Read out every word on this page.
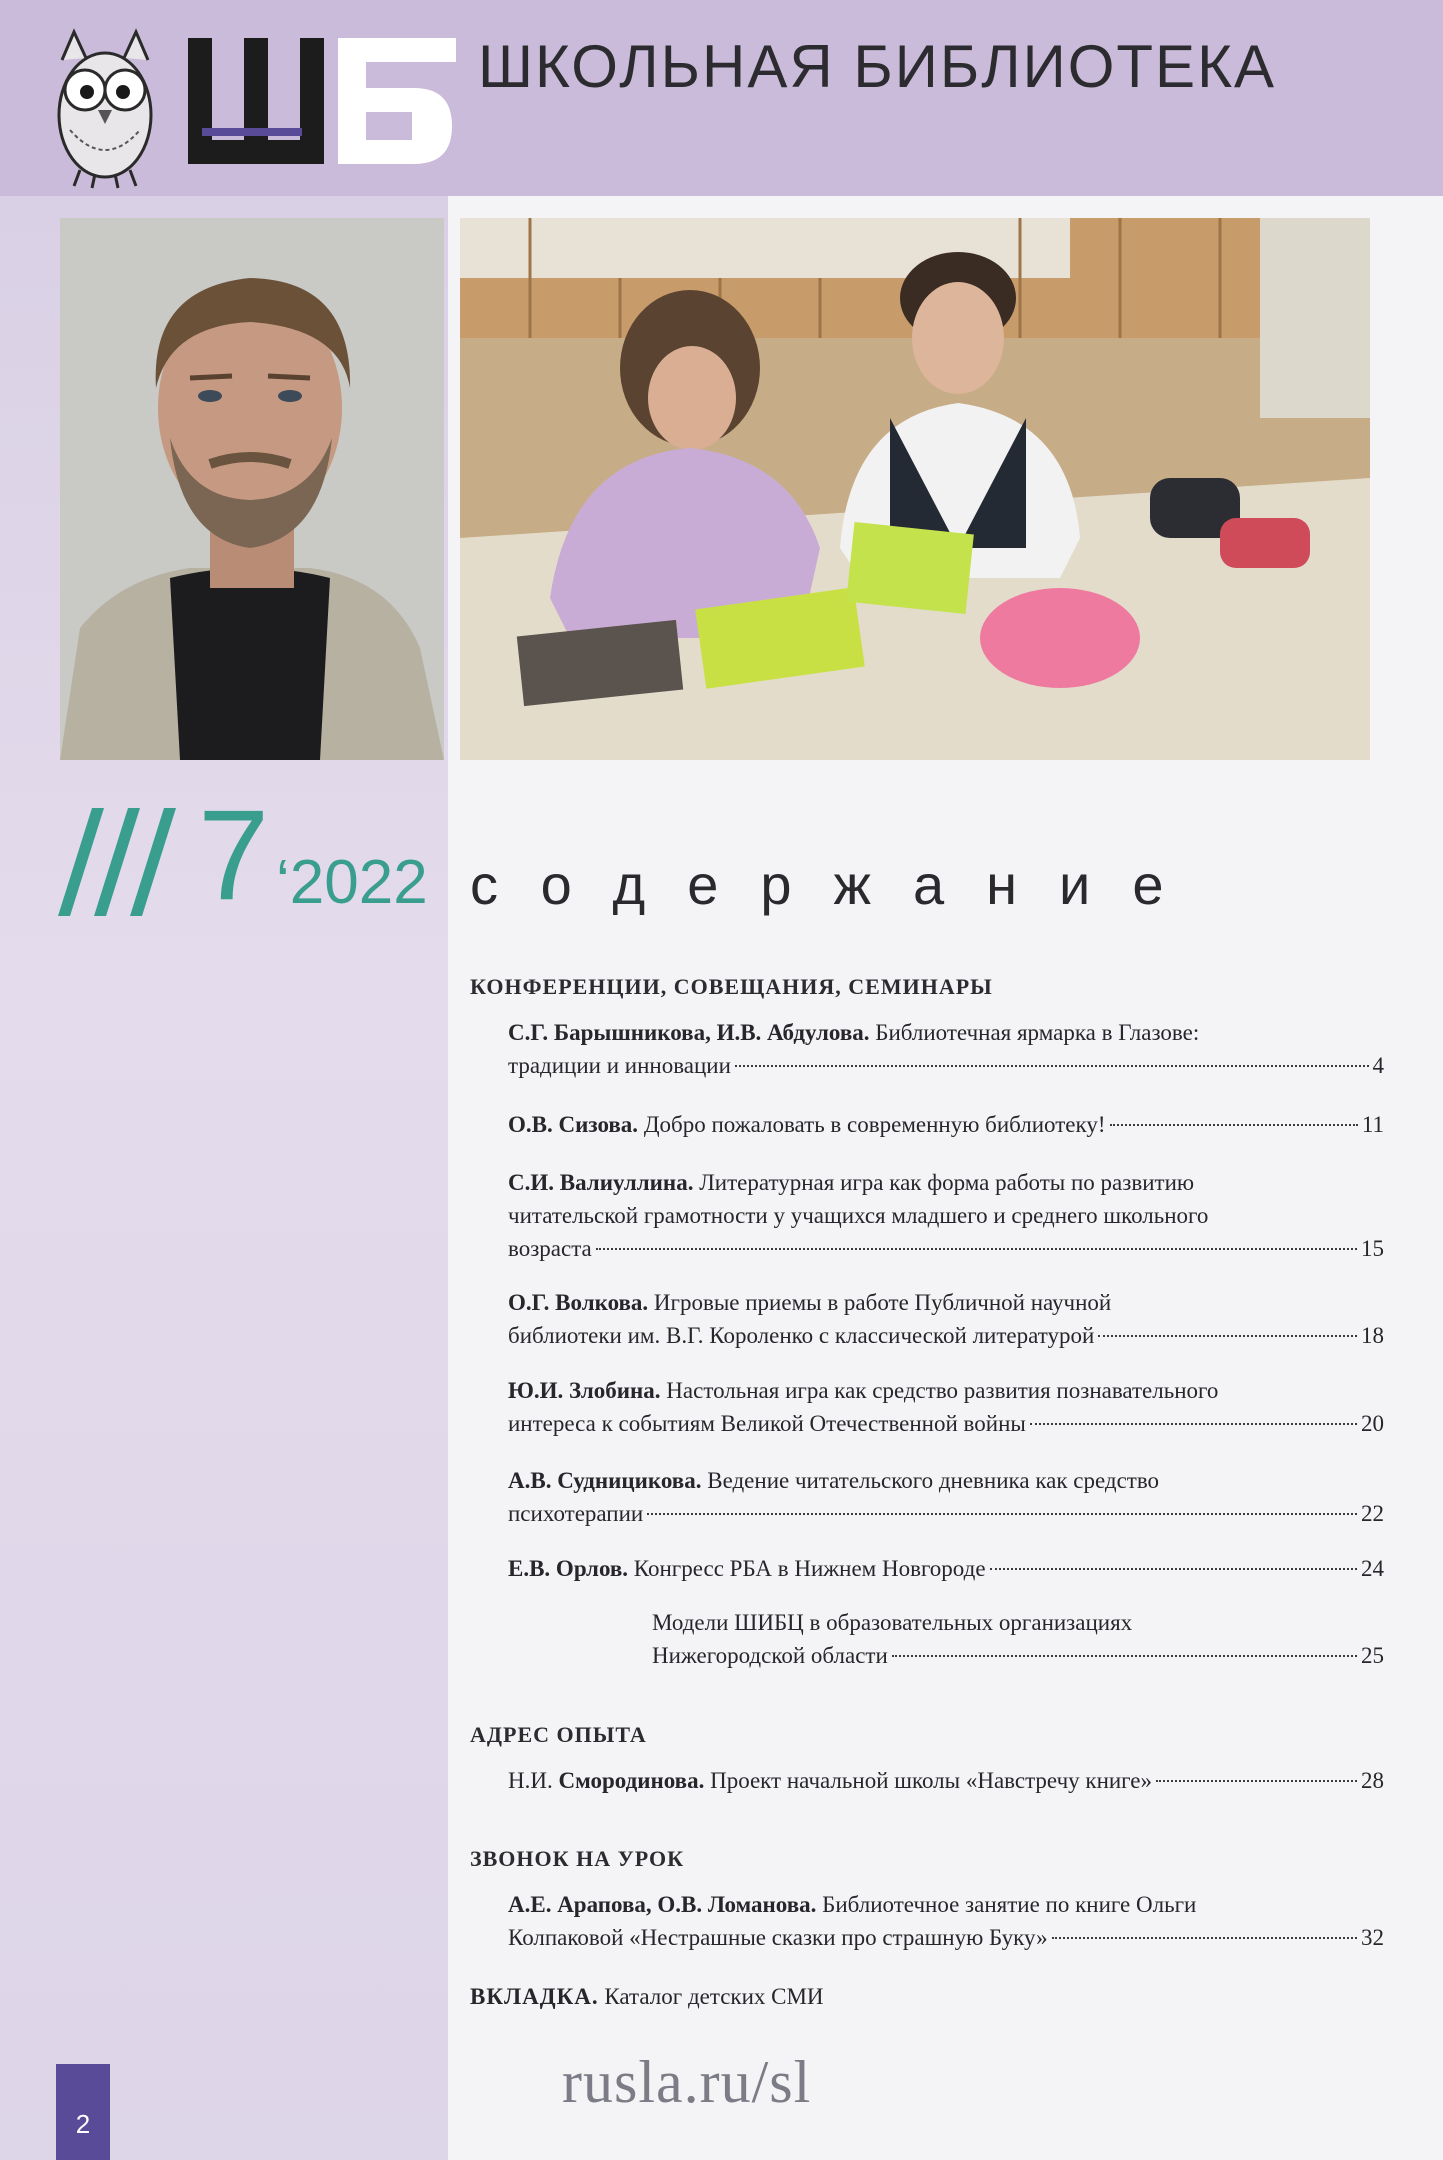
ШКОЛЬНАЯ БИБЛИОТЕКА
7 ‘2022 содержание
КОНФЕРЕНЦИИ, СОВЕЩАНИЯ, СЕМИНАРЫ
С.Г. Барышникова, И.В. Абдулова. Библиотечная ярмарка в Глазове:
традиции и инновации	4
О.В. Сизова. Добро пожаловать в современную библиотеку!	11
С.И. Валиуллина. Литературная игра как форма работы по развитию
читательской грамотности у учащихся младшего и среднего школьного
возраста	15
О.Г. Волкова. Игровые приемы в работе Публичной научной
библиотеки им. В.Г. Короленко с классической литературой	18
Ю.И. Злобина. Настольная игра как средство развития познавательного
интереса к событиям Великой Отечественной войны	20
А.В. Судницикова. Ведение читательского дневника как средство
психотерапии	22
Е.В. Орлов. Конгресс РБА в Нижнем Новгороде	24
Модели ШИБЦ в образовательных организациях
Нижегородской области	25
АДРЕС ОПЫТА
Н.И. Смородинова. Проект начальной школы «Навстречу книге»	28
ЗВОНОК НА УРОК
А.Е. Арапова, О.В. Ломанова. Библиотечное занятие по книге Ольги
Колпаковой «Нестрашные сказки про страшную Буку»	32
ВКЛАДКА. Каталог детских СМИ
2
rusla.ru/sl
